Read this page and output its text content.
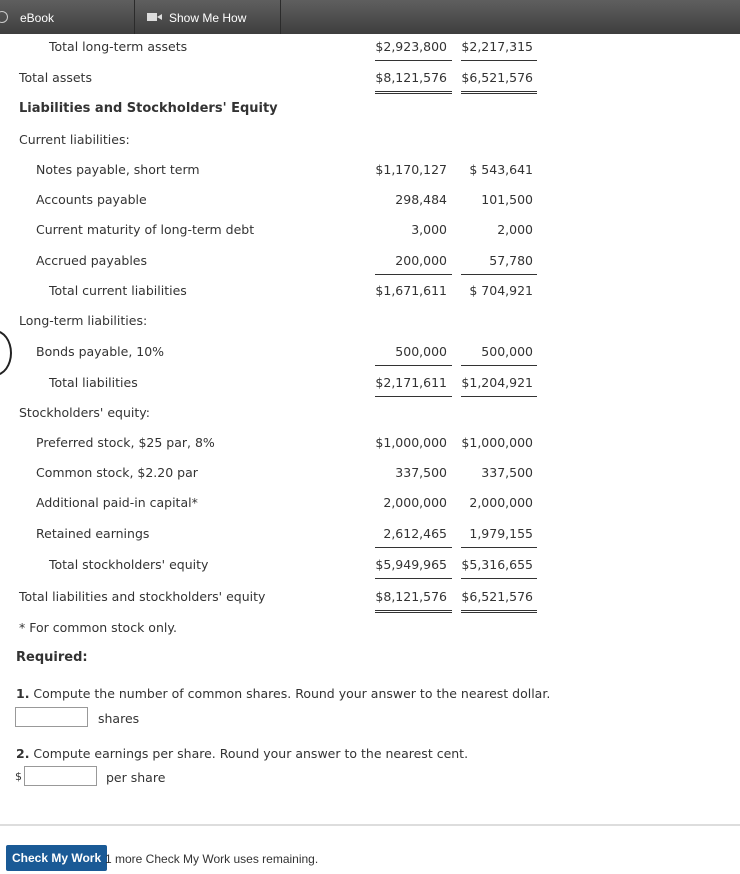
eBook	Show Me How
Total long-term assets	$2,923,800 $2,217,315
Total assets	$8,121,576 $6,521,576
Liabilities and Stockholders' Equity
Current liabilities:
Notes payable, short term	$1,170,127 $ 543,641
Accounts payable	298,484	101,500
Current maturity of long-term debt	3,000	2,000
Accrued payables	200,000	57,780
Total current liabilities	$1,671,611 $ 704,921
Long-term liabilities:
Bonds payable, 10%	500,000	500,000
Total liabilities	$2,171,611 $1,204,921
Stockholders' equity:
Preferred stock, $25 par, 8%	$1,000,000 $1,000,000
Common stock, $2.20 par	337,500	337,500
Additional paid-in capital*	2,000,000 2,000,000
Retained earnings	2,612,465 1,979,155
Total stockholders' equity	$5,949,965 $5,316,655
Total liabilities and stockholders' equity	$8,121,576 $6,521,576
* For common stock only.
Required:
1. Compute the number of common shares. Round your answer to the nearest dollar.
shares
2. Compute earnings per share. Round your answer to the nearest cent.
$	per share
Check My Work 1 more Check My Work uses remaining.
